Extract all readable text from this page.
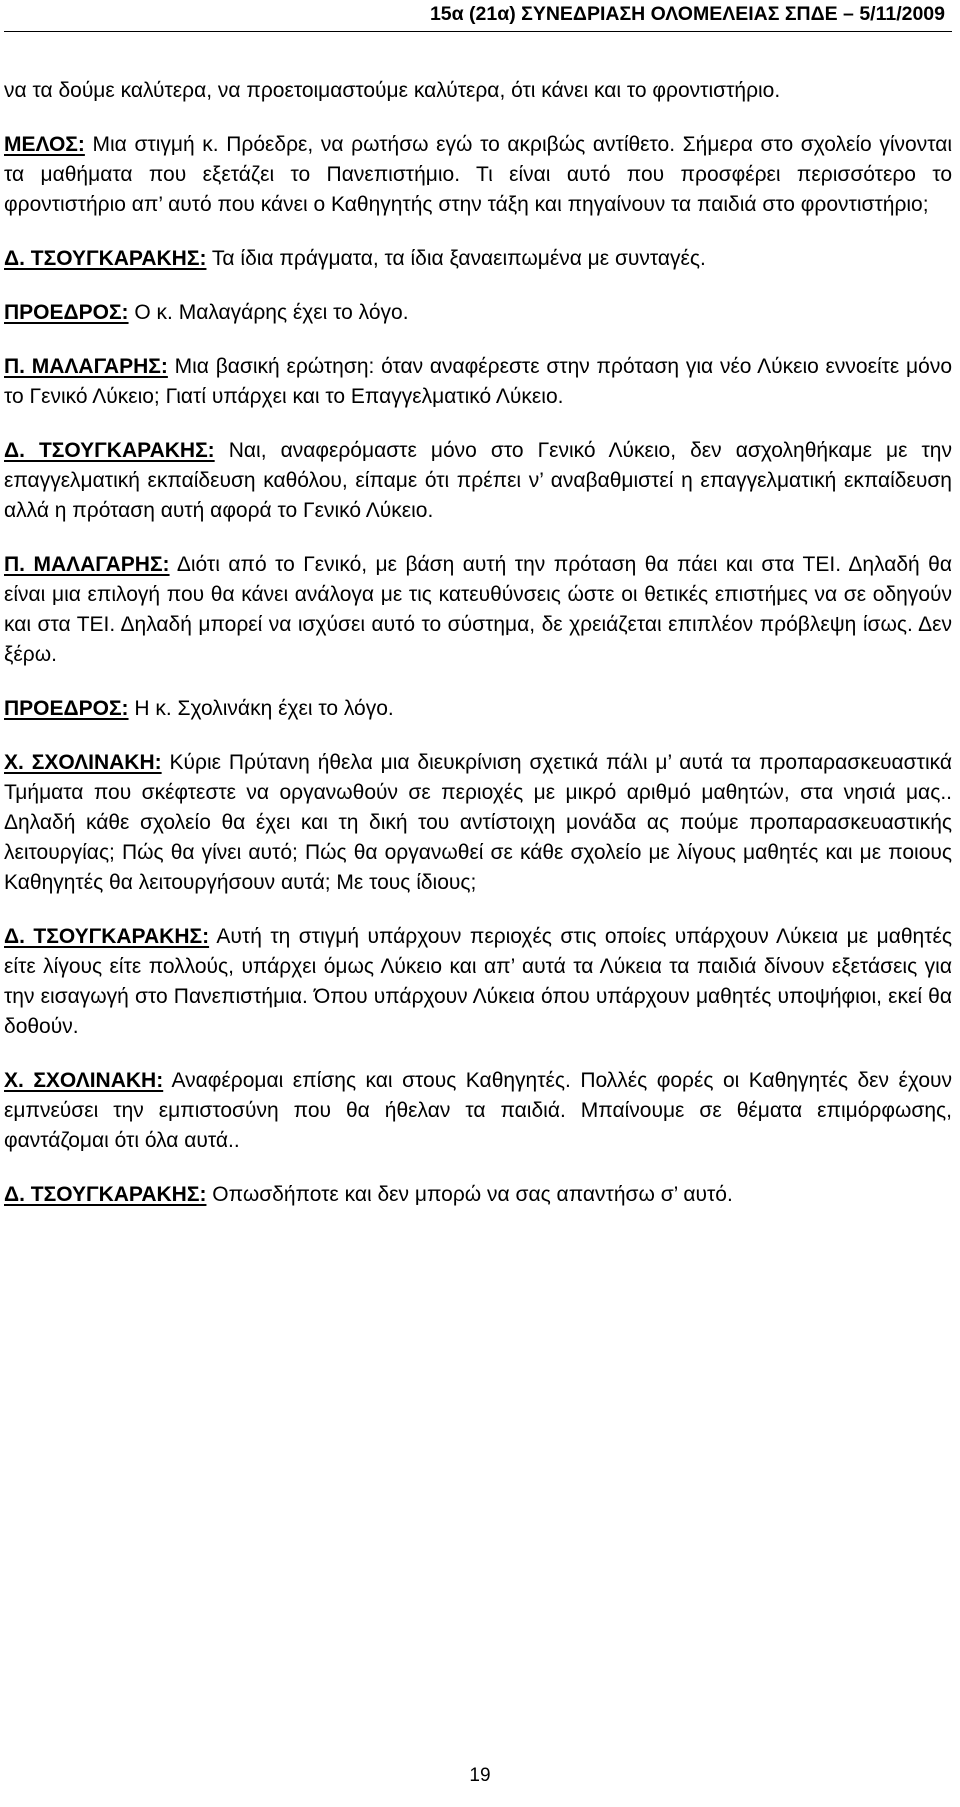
15α (21α) ΣΥΝΕΔΡΙΑΣΗ ΟΛΟΜΕΛΕΙΑΣ ΣΠΔΕ – 5/11/2009

να τα δούμε καλύτερα, να προετοιμαστούμε καλύτερα, ότι κάνει και το φροντιστήριο.

ΜΕΛΟΣ: Μια στιγμή κ. Πρόεδρε, να ρωτήσω εγώ το ακριβώς αντίθετο. Σήμερα στο σχολείο γίνονται τα μαθήματα που εξετάζει το Πανεπιστήμιο. Τι είναι αυτό που προσφέρει περισσότερο το φροντιστήριο απ’ αυτό που κάνει ο Καθηγητής στην τάξη και πηγαίνουν τα παιδιά στο φροντιστήριο;

Δ. ΤΣΟΥΓΚΑΡΑΚΗΣ: Τα ίδια πράγματα, τα ίδια ξαναειπωμένα με συνταγές.

ΠΡΟΕΔΡΟΣ: Ο κ. Μαλαγάρης έχει το λόγο.

Π. ΜΑΛΑΓΑΡΗΣ: Μια βασική ερώτηση: όταν αναφέρεστε στην πρόταση για νέο Λύκειο εννοείτε μόνο το Γενικό Λύκειο; Γιατί υπάρχει και το Επαγγελματικό Λύκειο.

Δ. ΤΣΟΥΓΚΑΡΑΚΗΣ: Ναι, αναφερόμαστε μόνο στο Γενικό Λύκειο, δεν ασχοληθήκαμε με την επαγγελματική εκπαίδευση καθόλου, είπαμε ότι πρέπει ν’ αναβαθμιστεί η επαγγελματική εκπαίδευση αλλά η πρόταση αυτή αφορά το Γενικό Λύκειο.

Π. ΜΑΛΑΓΑΡΗΣ: Διότι από το Γενικό, με βάση αυτή την πρόταση θα πάει και στα ΤΕΙ. Δηλαδή θα είναι μια επιλογή που θα κάνει ανάλογα με τις κατευθύνσεις ώστε οι θετικές επιστήμες να σε οδηγούν και στα ΤΕΙ. Δηλαδή μπορεί να ισχύσει αυτό το σύστημα, δε χρειάζεται επιπλέον πρόβλεψη ίσως. Δεν ξέρω.

ΠΡΟΕΔΡΟΣ: Η κ. Σχολινάκη έχει το λόγο.

Χ. ΣΧΟΛΙΝΑΚΗ: Κύριε Πρύτανη ήθελα μια διευκρίνιση σχετικά πάλι μ’ αυτά τα προπαρασκευαστικά Τμήματα που σκέφτεστε να οργανωθούν σε περιοχές με μικρό αριθμό μαθητών, στα νησιά μας.. Δηλαδή κάθε σχολείο θα έχει και τη δική του αντίστοιχη μονάδα ας πούμε προπαρασκευαστικής λειτουργίας; Πώς θα γίνει αυτό; Πώς θα οργανωθεί σε κάθε σχολείο με λίγους μαθητές και με ποιους Καθηγητές θα λειτουργήσουν αυτά; Με τους ίδιους;

Δ. ΤΣΟΥΓΚΑΡΑΚΗΣ: Αυτή τη στιγμή υπάρχουν περιοχές στις οποίες υπάρχουν Λύκεια με μαθητές είτε λίγους είτε πολλούς, υπάρχει όμως Λύκειο και απ’ αυτά τα Λύκεια τα παιδιά δίνουν εξετάσεις για την εισαγωγή στο Πανεπιστήμια. Όπου υπάρχουν Λύκεια όπου υπάρχουν μαθητές υποψήφιοι, εκεί θα δοθούν.

Χ. ΣΧΟΛΙΝΑΚΗ: Αναφέρομαι επίσης και στους Καθηγητές. Πολλές φορές οι Καθηγητές δεν έχουν εμπνεύσει την εμπιστοσύνη που θα ήθελαν τα παιδιά. Μπαίνουμε σε θέματα επιμόρφωσης, φαντάζομαι ότι όλα αυτά..

Δ. ΤΣΟΥΓΚΑΡΑΚΗΣ: Οπωσδήποτε και δεν μπορώ να σας απαντήσω σ’ αυτό.

19
